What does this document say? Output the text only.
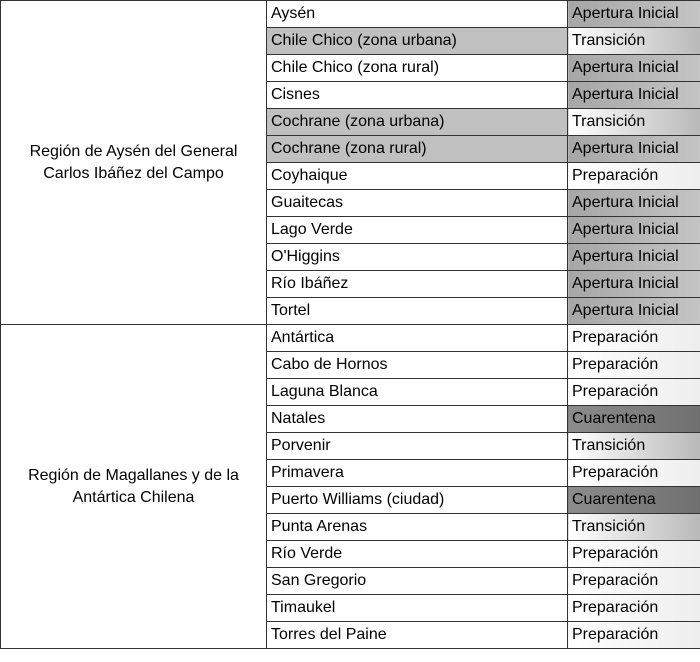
Región de Aysén del General Carlos Ibáñez del Campo	Aysén	Apertura Inicial
	Chile Chico (zona urbana)	Transición
	Chile Chico (zona rural)	Apertura Inicial
	Cisnes	Apertura Inicial
	Cochrane (zona urbana)	Transición
	Cochrane (zona rural)	Apertura Inicial
	Coyhaique	Preparación
	Guaitecas	Apertura Inicial
	Lago Verde	Apertura Inicial
	O'Higgins	Apertura Inicial
	Río Ibáñez	Apertura Inicial
	Tortel	Apertura Inicial
Región de Magallanes y de la Antártica Chilena	Antártica	Preparación
	Cabo de Hornos	Preparación
	Laguna Blanca	Preparación
	Natales	Cuarentena
	Porvenir	Transición
	Primavera	Preparación
	Puerto Williams (ciudad)	Cuarentena
	Punta Arenas	Transición
	Río Verde	Preparación
	San Gregorio	Preparación
	Timaukel	Preparación
	Torres del Paine	Preparación
